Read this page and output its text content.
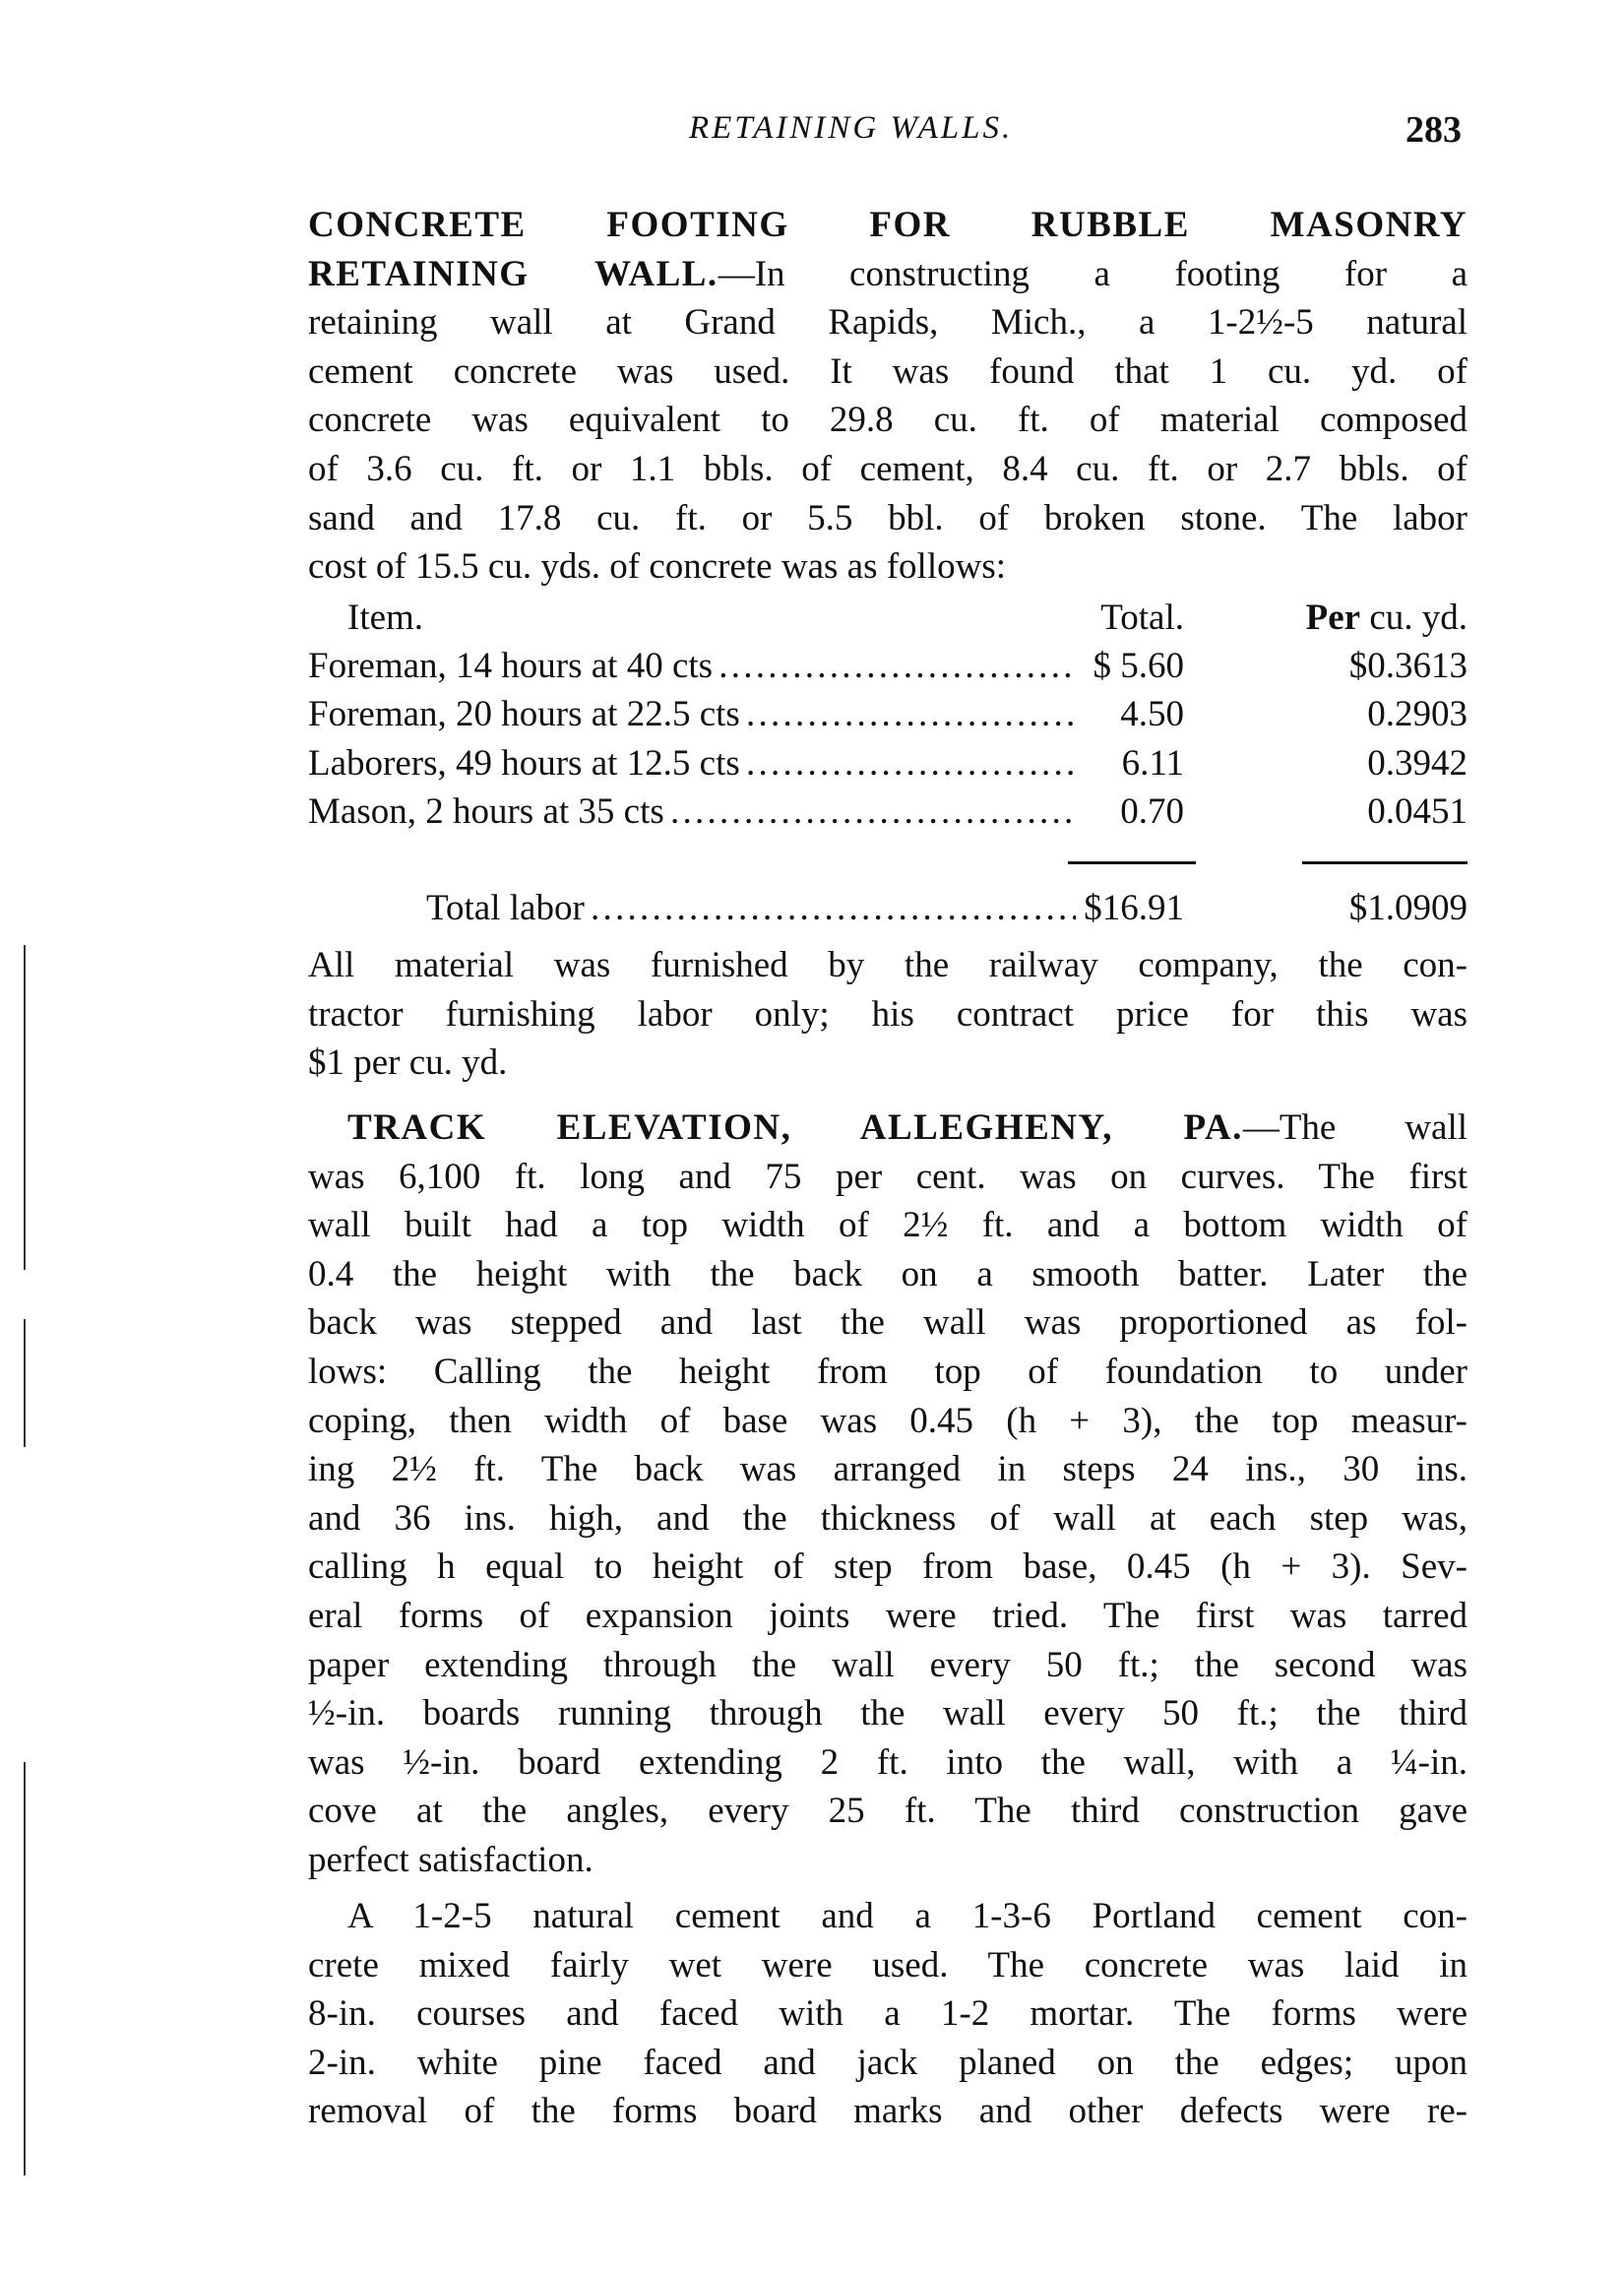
RETAINING WALLS.	283
CONCRETE FOOTING FOR RUBBLE MASONRY
RETAINING WALL.—In constructing a footing for a
retaining wall at Grand Rapids, Mich., a 1-2½-5 natural
cement concrete was used. It was found that 1 cu. yd. of
concrete was equivalent to 29.8 cu. ft. of material composed
of 3.6 cu. ft. or 1.1 bbls. of cement, 8.4 cu. ft. or 2.7 bbls. of
sand and 17.8 cu. ft. or 5.5 bbl. of broken stone. The labor
cost of 15.5 cu. yds. of concrete was as follows:
Item.	Total.	Per cu. yd.
Foreman, 14 hours at 40 cts . . .	$ 5.60	$0.3613
Foreman, 20 hours at 22.5 cts . . .	4.50	0.2903
Laborers, 49 hours at 12.5 cts . . .	6.11	0.3942
Mason, 2 hours at 35 cts . . .	0.70	0.0451
Total labor . . .	$16.91	$1.0909
All material was furnished by the railway company, the con-
tractor furnishing labor only; his contract price for this was
$1 per cu. yd.
TRACK ELEVATION, ALLEGHENY, PA.—The wall
was 6,100 ft. long and 75 per cent. was on curves. The first
wall built had a top width of 2½ ft. and a bottom width of
0.4 the height with the back on a smooth batter. Later the
back was stepped and last the wall was proportioned as fol-
lows: Calling the height from top of foundation to under
coping, then width of base was 0.45 (h + 3), the top measur-
ing 2½ ft. The back was arranged in steps 24 ins., 30 ins.
and 36 ins. high, and the thickness of wall at each step was,
calling h equal to height of step from base, 0.45 (h + 3). Sev-
eral forms of expansion joints were tried. The first was tarred
paper extending through the wall every 50 ft.; the second was
½-in. boards running through the wall every 50 ft.; the third
was ½-in. board extending 2 ft. into the wall, with a ¼-in.
cove at the angles, every 25 ft. The third construction gave
perfect satisfaction.
A 1-2-5 natural cement and a 1-3-6 Portland cement con-
crete mixed fairly wet were used. The concrete was laid in
8-in. courses and faced with a 1-2 mortar. The forms were
2-in. white pine faced and jack planed on the edges; upon
removal of the forms board marks and other defects were re-
